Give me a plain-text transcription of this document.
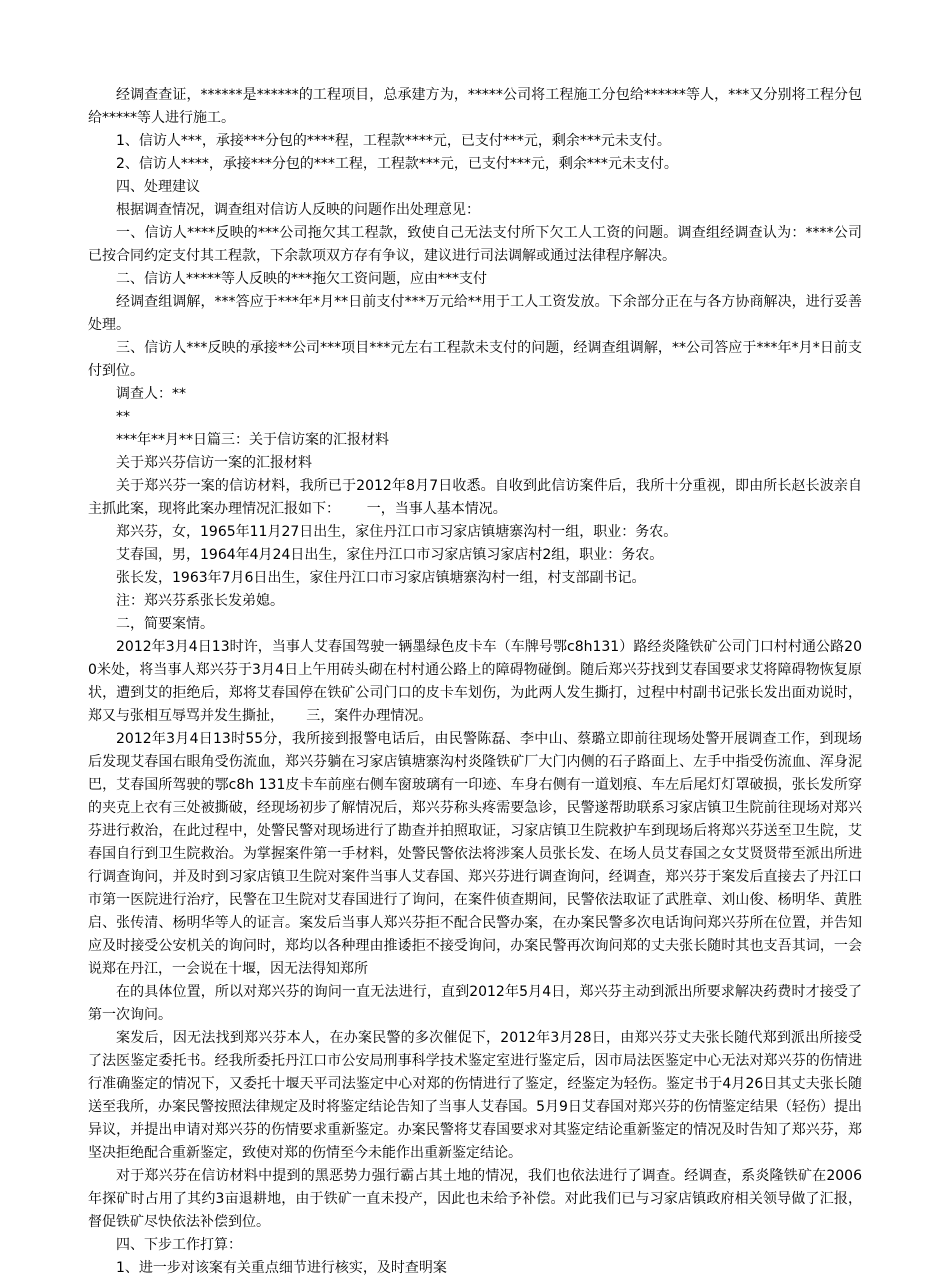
经调查查证，******是******的工程项目，总承建方为，*****公司将工程施工分包给******等人，***又分别将工程分包给*****等人进行施工。

1、信访人***，承接***分包的****程，工程款****元，已支付***元，剩余***元未支付。

2、信访人****，承接***分包的***工程，工程款***元，已支付***元，剩余***元未支付。

四、处理建议

根据调查情况，调查组对信访人反映的问题作出处理意见：

一、信访人****反映的***公司拖欠其工程款，致使自己无法支付所下欠工人工资的问题。调查组经调查认为：****公司已按合同约定支付其工程款，下余款项双方存有争议，建议进行司法调解或通过法律程序解决。

二、信访人*****等人反映的***拖欠工资问题，应由***支付

经调查组调解，***答应于***年*月**日前支付***万元给**用于工人工资发放。下余部分正在与各方协商解决，进行妥善处理。

三、信访人***反映的承接**公司***项目***元左右工程款未支付的问题，经调查组调解，**公司答应于***年*月*日前支付到位。

调查人：**

**

***年**月**日篇三：关于信访案的汇报材料

关于郑兴芬信访一案的汇报材料

关于郑兴芬一案的信访材料，我所已于2012年8月7日收悉。自收到此信访案件后，我所十分重视，即由所长赵长波亲自主抓此案，现将此案办理情况汇报如下：      一，当事人基本情况。

郑兴芬，女，1965年11月27日出生，家住丹江口市习家店镇塘寨沟村一组，职业：务农。

艾春国，男，1964年4月24日出生，家住丹江口市习家店镇习家店村2组，职业：务农。

张长发，1963年7月6日出生，家住丹江口市习家店镇塘寨沟村一组，村支部副书记。

注：郑兴芬系张长发弟媳。

二，简要案情。

2012年3月4日13时许，当事人艾春国驾驶一辆墨绿色皮卡车（车牌号鄂c8h131）路经炎隆铁矿公司门口村村通公路200米处，将当事人郑兴芬于3月4日上午用砖头砌在村村通公路上的障碍物碰倒。随后郑兴芬找到艾春国要求艾将障碍物恢复原状，遭到艾的拒绝后，郑将艾春国停在铁矿公司门口的皮卡车划伤，为此两人发生撕打，过程中村副书记张长发出面劝说时，郑又与张相互辱骂并发生撕扯，     三，案件办理情况。

2012年3月4日13时55分，我所接到报警电话后，由民警陈磊、李中山、蔡璐立即前往现场处警开展调查工作，到现场后发现艾春国右眼角受伤流血，郑兴芬躺在习家店镇塘寨沟村炎隆铁矿厂大门内侧的石子路面上、左手中指受伤流血、浑身泥巴，艾春国所驾驶的鄂c8h 131皮卡车前座右侧车窗玻璃有一印迹、车身右侧有一道划痕、车左后尾灯灯罩破损，张长发所穿的夹克上衣有三处被撕破，经现场初步了解情况后，郑兴芬称头疼需要急诊，民警遂帮助联系习家店镇卫生院前往现场对郑兴芬进行救治，在此过程中，处警民警对现场进行了勘查并拍照取证，习家店镇卫生院救护车到现场后将郑兴芬送至卫生院，艾春国自行到卫生院救治。为掌握案件第一手材料，处警民警依法将涉案人员张长发、在场人员艾春国之女艾贤贤带至派出所进行调查询问，并及时到习家店镇卫生院对案件当事人艾春国、郑兴芬进行调查询问，经调查，郑兴芬于案发后直接去了丹江口市第一医院进行治疗，民警在卫生院对艾春国进行了询问，在案件侦查期间，民警依法取证了武胜章、刘山俊、杨明华、黄胜启、张传清、杨明华等人的证言。案发后当事人郑兴芬拒不配合民警办案，在办案民警多次电话询问郑兴芬所在位置，并告知应及时接受公安机关的询问时，郑均以各种理由推诿拒不接受询问，办案民警再次询问郑的丈夫张长随时其也支吾其词，一会说郑在丹江，一会说在十堰，因无法得知郑所

在的具体位置，所以对郑兴芬的询问一直无法进行，直到2012年5月4日，郑兴芬主动到派出所要求解决药费时才接受了第一次询问。

案发后，因无法找到郑兴芬本人，在办案民警的多次催促下，2012年3月28日，由郑兴芬丈夫张长随代郑到派出所接受了法医鉴定委托书。经我所委托丹江口市公安局刑事科学技术鉴定室进行鉴定后，因市局法医鉴定中心无法对郑兴芬的伤情进行准确鉴定的情况下，又委托十堰天平司法鉴定中心对郑的伤情进行了鉴定，经鉴定为轻伤。鉴定书于4月26日其丈夫张长随送至我所，办案民警按照法律规定及时将鉴定结论告知了当事人艾春国。5月9日艾春国对郑兴芬的伤情鉴定结果（轻伤）提出异议，并提出申请对郑兴芬的伤情要求重新鉴定。办案民警将艾春国要求对其鉴定结论重新鉴定的情况及时告知了郑兴芬，郑坚决拒绝配合重新鉴定，致使对郑的伤情至今未能作出重新鉴定结论。

对于郑兴芬在信访材料中提到的黑恶势力强行霸占其土地的情况，我们也依法进行了调查。经调查，系炎隆铁矿在2006年探矿时占用了其约3亩退耕地，由于铁矿一直未投产，因此也未给予补偿。对此我们已与习家店镇政府相关领导做了汇报，督促铁矿尽快依法补偿到位。

四、下步工作打算：

1、进一步对该案有关重点细节进行核实，及时查明案
